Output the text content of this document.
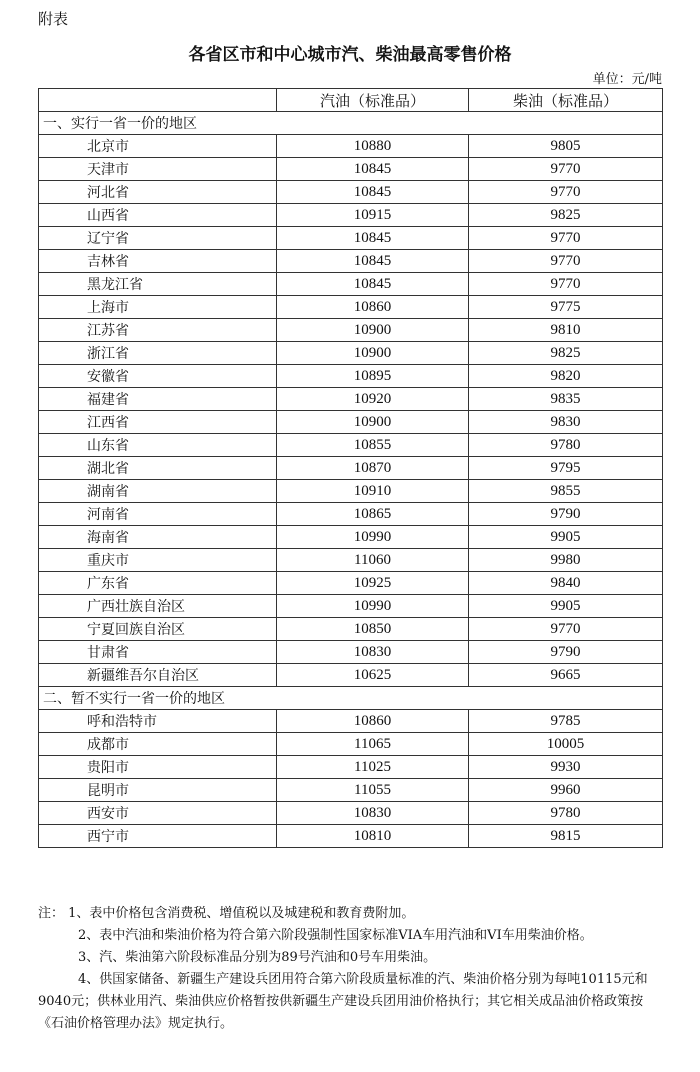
附表
各省区市和中心城市汽、柴油最高零售价格
单位：元/吨
	汽油（标准品）	柴油（标准品）
一、实行一省一价的地区		
北京市	10880	9805
天津市	10845	9770
河北省	10845	9770
山西省	10915	9825
辽宁省	10845	9770
吉林省	10845	9770
黑龙江省	10845	9770
上海市	10860	9775
江苏省	10900	9810
浙江省	10900	9825
安徽省	10895	9820
福建省	10920	9835
江西省	10900	9830
山东省	10855	9780
湖北省	10870	9795
湖南省	10910	9855
河南省	10865	9790
海南省	10990	9905
重庆市	11060	9980
广东省	10925	9840
广西壮族自治区	10990	9905
宁夏回族自治区	10850	9770
甘肃省	10830	9790
新疆维吾尔自治区	10625	9665
二、暂不实行一省一价的地区		
呼和浩特市	10860	9785
成都市	11065	10005
贵阳市	11025	9930
昆明市	11055	9960
西安市	10830	9780
西宁市	10810	9815

注： 1、表中价格包含消费税、增值税以及城建税和教育费附加。

2、表中汽油和柴油价格为符合第六阶段强制性国家标准VIA车用汽油和VI车用柴油价格。

3、汽、柴油第六阶段标准品分别为89号汽油和0号车用柴油。

4、供国家储备、新疆生产建设兵团用符合第六阶段质量标准的汽、柴油价格分别为每吨10115元和9040元；供林业用汽、柴油供应价格暂按供新疆生产建设兵团用油价格执行；其它相关成品油价格政策按《石油价格管理办法》规定执行。
